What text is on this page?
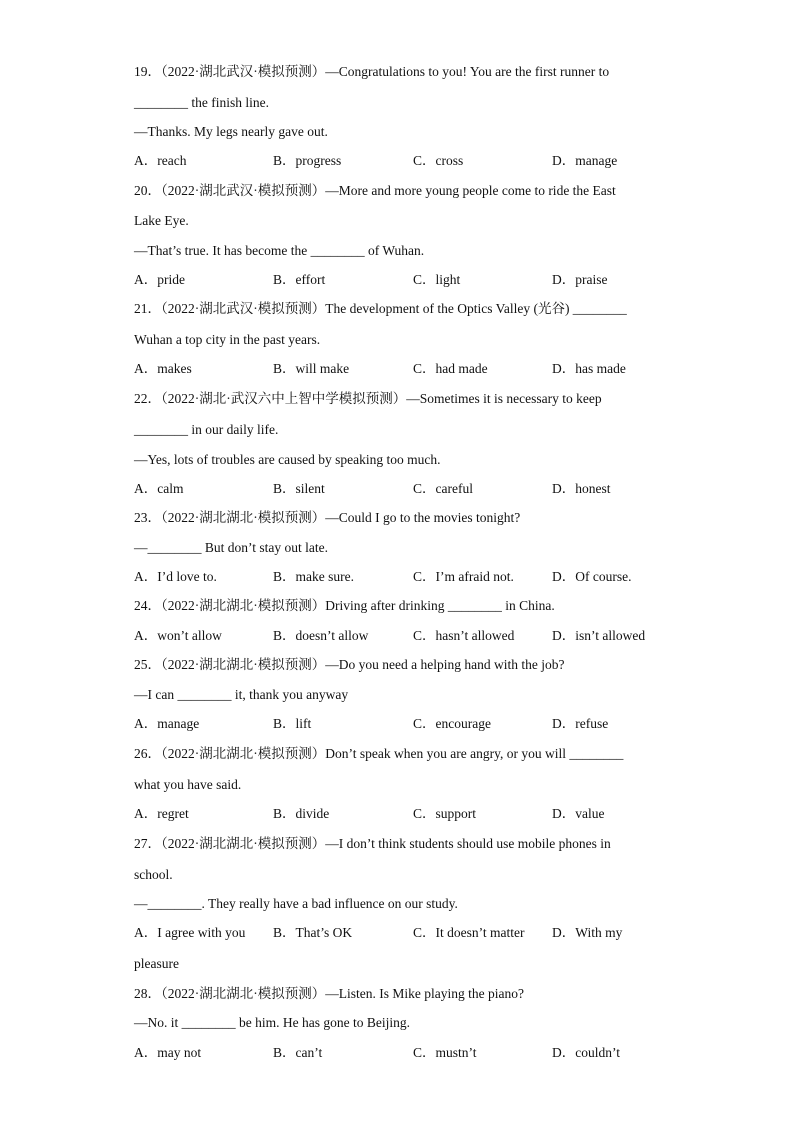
19．（2022·湖北武汉·模拟预测）—Congratulations to you! You are the first runner to
________ the finish line.
—Thanks. My legs nearly gave out.
A．reach	B．progress	C．cross	D．manage
20．（2022·湖北武汉·模拟预测）—More and more young people come to ride the East
Lake Eye.
—That’s true. It has become the ________ of Wuhan.
A．pride	B．effort	C．light	D．praise
21．（2022·湖北武汉·模拟预测）The development of the Optics Valley (光谷) ________
Wuhan a top city in the past years.
A．makes	B．will make	C．had made	D．has made
22．（2022·湖北·武汉六中上智中学模拟预测）—Sometimes it is necessary to keep
________ in our daily life.
—Yes, lots of troubles are caused by speaking too much.
A．calm	B．silent	C．careful	D．honest
23．（2022·湖北湖北·模拟预测）—Could I go to the movies tonight?
—________ But don’t stay out late.
A．I’d love to.	B．make sure.	C．I’m afraid not.	D．Of course.
24．（2022·湖北湖北·模拟预测）Driving after drinking ________ in China.
A．won’t allow	B．doesn’t allow	C．hasn’t allowed	D．isn’t allowed
25．（2022·湖北湖北·模拟预测）—Do you need a helping hand with the job?
—I can ________ it, thank you anyway
A．manage	B．lift	C．encourage	D．refuse
26．（2022·湖北湖北·模拟预测）Don’t speak when you are angry, or you will ________
what you have said.
A．regret	B．divide	C．support	D．value
27．（2022·湖北湖北·模拟预测）—I don’t think students should use mobile phones in
school.
—________. They really have a bad influence on our study.
A．I agree with you B．That’s OK	C．It doesn’t matter D．With my
pleasure
28．（2022·湖北湖北·模拟预测）—Listen. Is Mike playing the piano?
—No. it ________ be him. He has gone to Beijing.
A．may not	B．can’t	C．mustn’t	D．couldn’t
